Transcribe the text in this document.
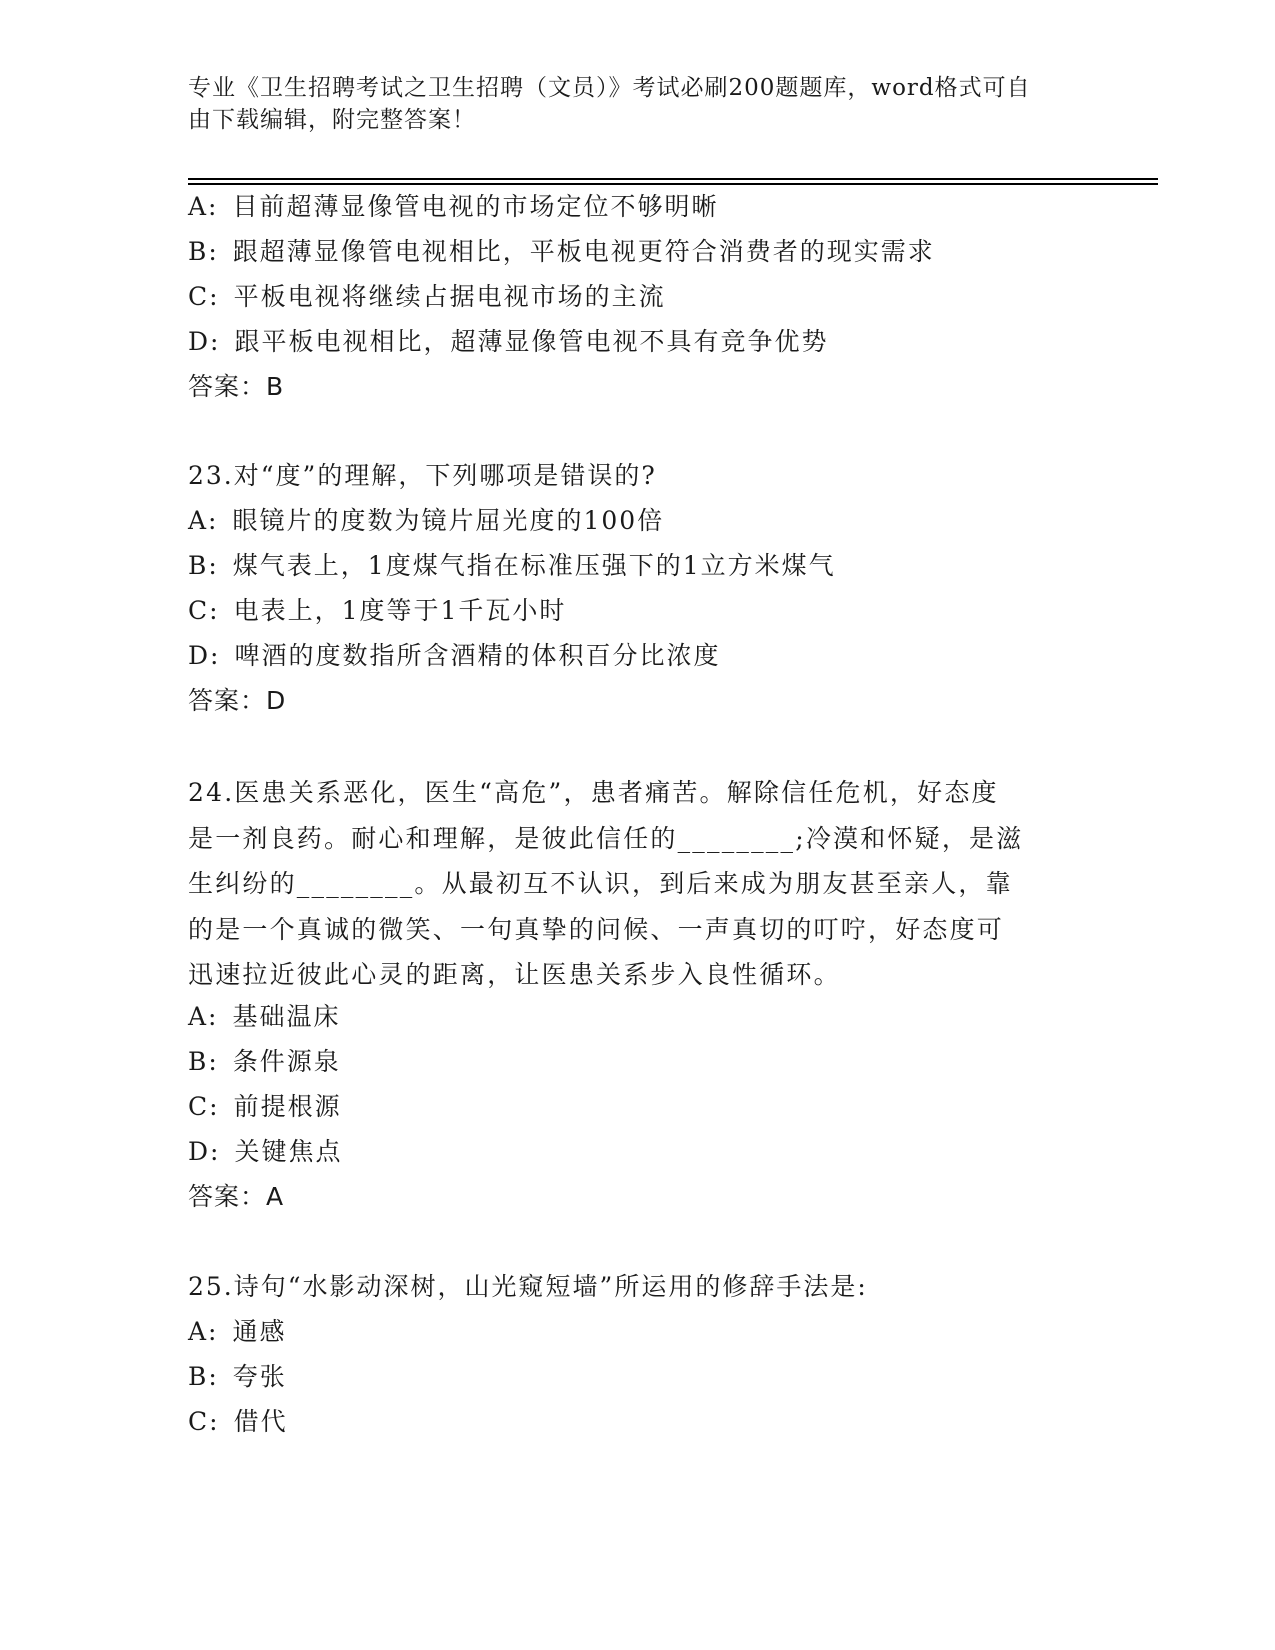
专业《卫生招聘考试之卫生招聘（文员）》考试必刷200题题库，word格式可自
由下载编辑，附完整答案！
A: 目前超薄显像管电视的市场定位不够明晰
B: 跟超薄显像管电视相比，平板电视更符合消费者的现实需求
C: 平板电视将继续占据电视市场的主流
D: 跟平板电视相比，超薄显像管电视不具有竞争优势
答案：B
23.对“度”的理解，下列哪项是错误的?
A: 眼镜片的度数为镜片屈光度的100倍
B: 煤气表上，1度煤气指在标准压强下的1立方米煤气
C: 电表上，1度等于1千瓦小时
D: 啤酒的度数指所含酒精的体积百分比浓度
答案：D
24.医患关系恶化，医生“高危”，患者痛苦。解除信任危机，好态度
是一剂良药。耐心和理解，是彼此信任的________;冷漠和怀疑，是滋
生纠纷的________。从最初互不认识，到后来成为朋友甚至亲人，靠
的是一个真诚的微笑、一句真挚的问候、一声真切的叮咛，好态度可
迅速拉近彼此心灵的距离，让医患关系步入良性循环。
A: 基础温床
B: 条件源泉
C: 前提根源
D: 关键焦点
答案：A
25.诗句“水影动深树，山光窥短墙”所运用的修辞手法是:
A: 通感
B: 夸张
C: 借代
